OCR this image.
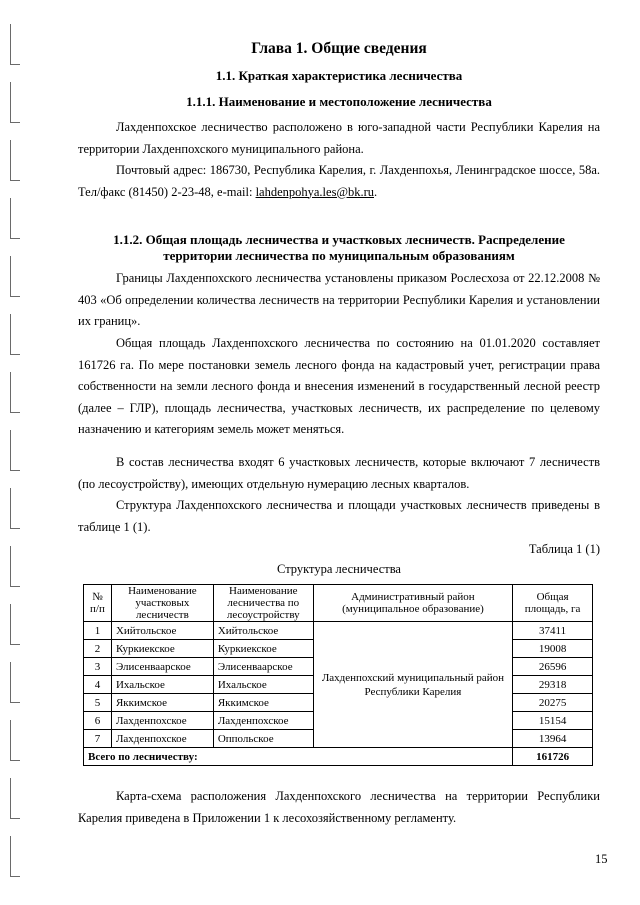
Глава 1. Общие сведения
1.1. Краткая характеристика лесничества
1.1.1. Наименование и местоположение лесничества
Лахденпохское лесничество расположено в юго-западной части Республики Карелия на территории Лахденпохского муниципального района.
Почтовый адрес: 186730, Республика Карелия, г. Лахденпохья, Ленинградское шоссе, 58а. Тел/факс (81450) 2-23-48, e-mail: lahdenpohya.les@bk.ru.
1.1.2. Общая площадь лесничества и участковых лесничеств. Распределение территории лесничества по муниципальным образованиям
Границы Лахденпохского лесничества установлены приказом Рослесхоза от 22.12.2008 № 403 «Об определении количества лесничеств на территории Республики Карелия и установлении их границ».
Общая площадь Лахденпохского лесничества по состоянию на 01.01.2020 составляет 161726 га. По мере постановки земель лесного фонда на кадастровый учет, регистрации права собственности на земли лесного фонда и внесения изменений в государственный лесной реестр (далее – ГЛР), площадь лесничества, участковых лесничеств, их распределение по целевому назначению и категориям земель может меняться.
В состав лесничества входят 6 участковых лесничеств, которые включают 7 лесничеств (по лесоустройству), имеющих отдельную нумерацию лесных кварталов.
Структура Лахденпохского лесничества и площади участковых лесничеств приведены в таблице 1 (1).
Таблица 1 (1)
Структура лесничества
№ п/п	Наименование участковых лесничеств	Наименование лесничества по лесоустройству	Административный район (муниципальное образование)	Общая площадь, га
1	Хийтольское	Хийтольское	Лахденпохский муниципальный район Республики Карелия	37411
2	Куркиекское	Куркиекское		19008
3	Элисенваарское	Элисенваарское		26596
4	Ихальское	Ихальское		29318
5	Яккимское	Яккимское		20275
6	Лахденпохское	Лахденпохское		15154
7	Лахденпохское	Оппольское		13964
Всего по лесничеству:				161726
Карта-схема расположения Лахденпохского лесничества на территории Республики Карелия приведена в Приложении 1 к лесохозяйственному регламенту.
15
